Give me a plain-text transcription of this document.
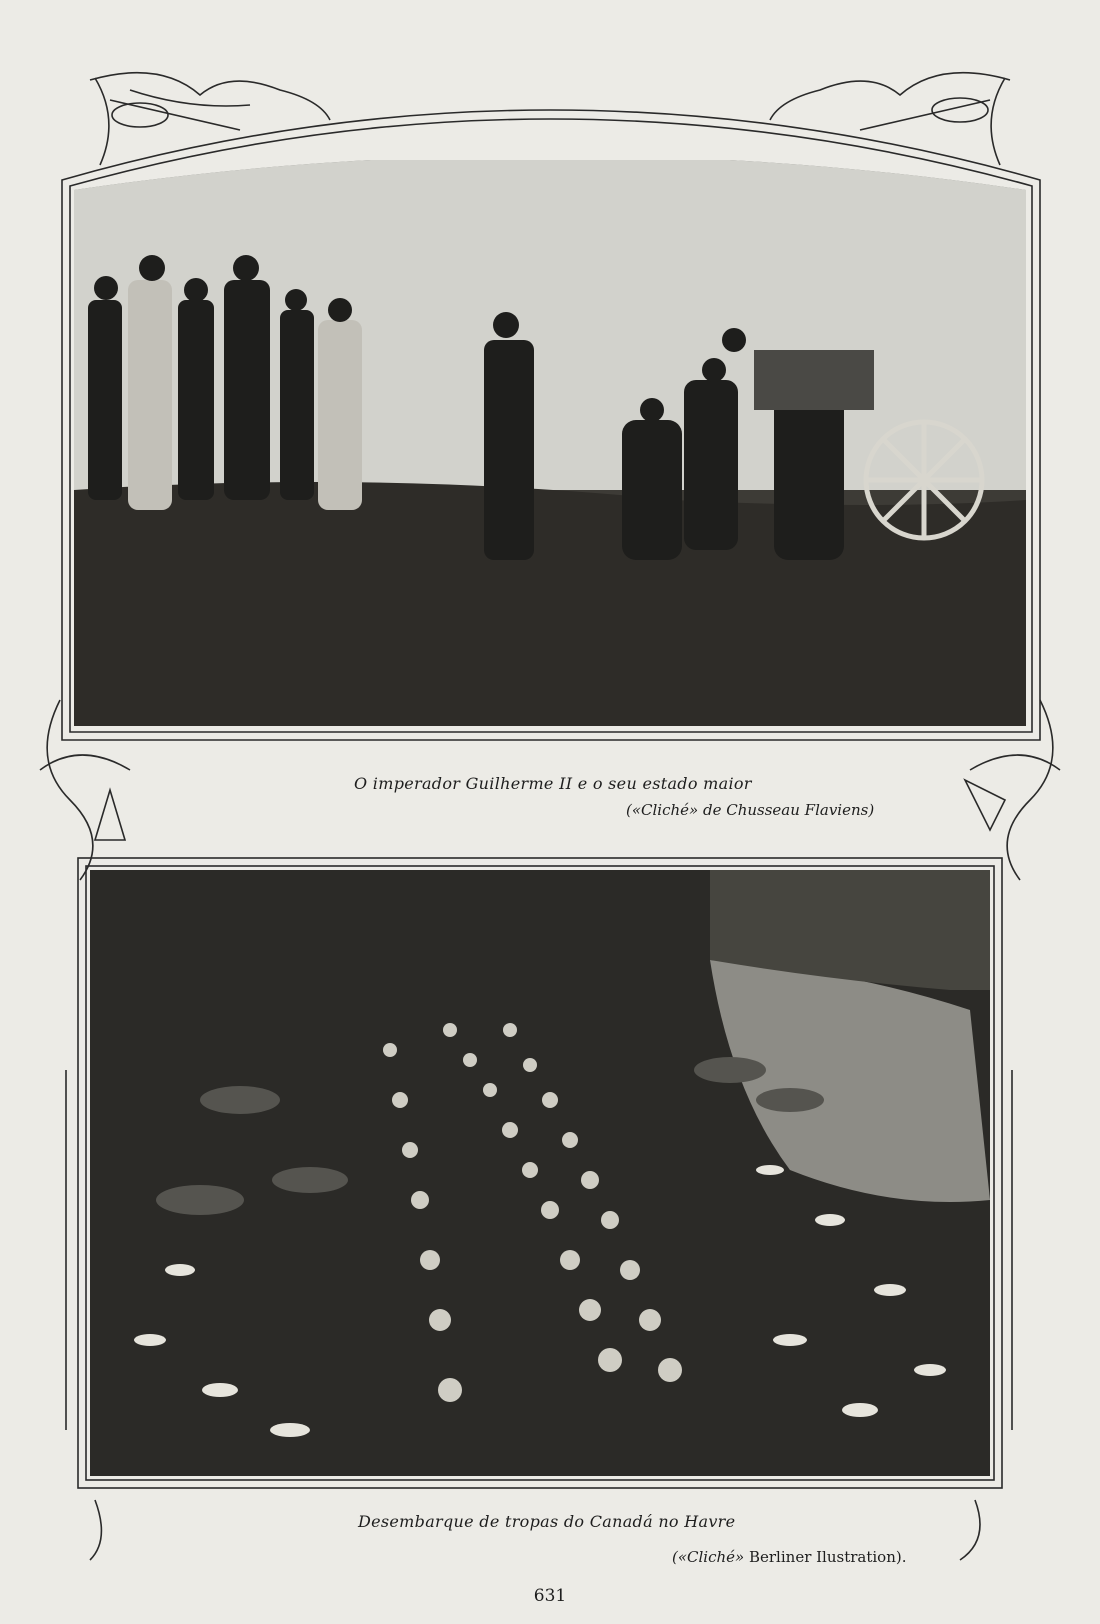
O imperador Guilherme II e o seu estado maior
(«Cliché» de Chusseau Flaviens)
Desembarque de tropas do Canadá no Havre
(«Cliché» Berliner Ilustration).
631
